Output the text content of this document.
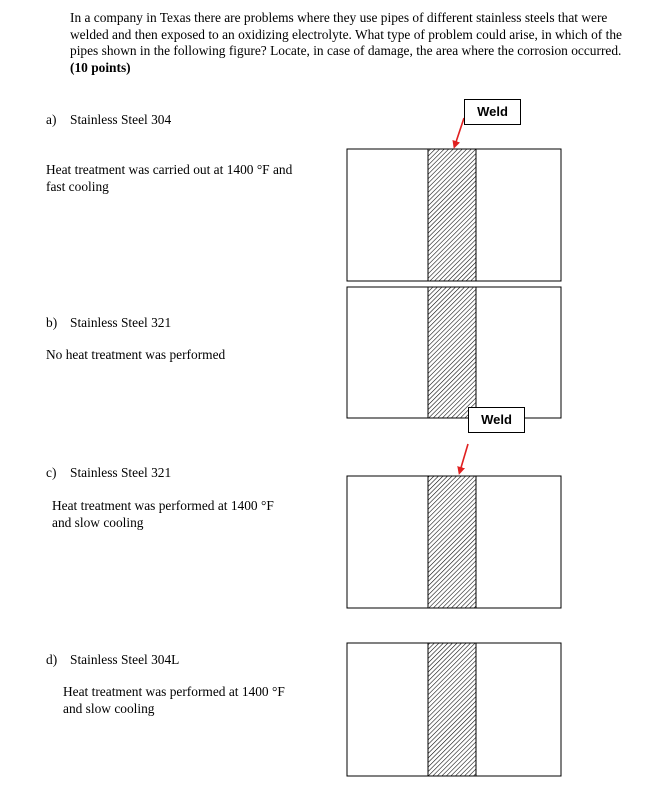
In a company in Texas there are problems where they use pipes of different stainless steels that were welded and then exposed to an oxidizing electrolyte. What type of problem could arise, in which of the pipes shown in the following figure? Locate, in case of damage, the area where the corrosion occurred. (10 points)
a) Stainless Steel 304
Heat treatment was carried out at 1400 °F and
fast cooling
b) Stainless Steel 321
No heat treatment was performed
c) Stainless Steel 321
Heat treatment was performed at 1400 °F
and slow cooling
d) Stainless Steel 304L
Heat treatment was performed at 1400 °F
and slow cooling
Weld
Weld
